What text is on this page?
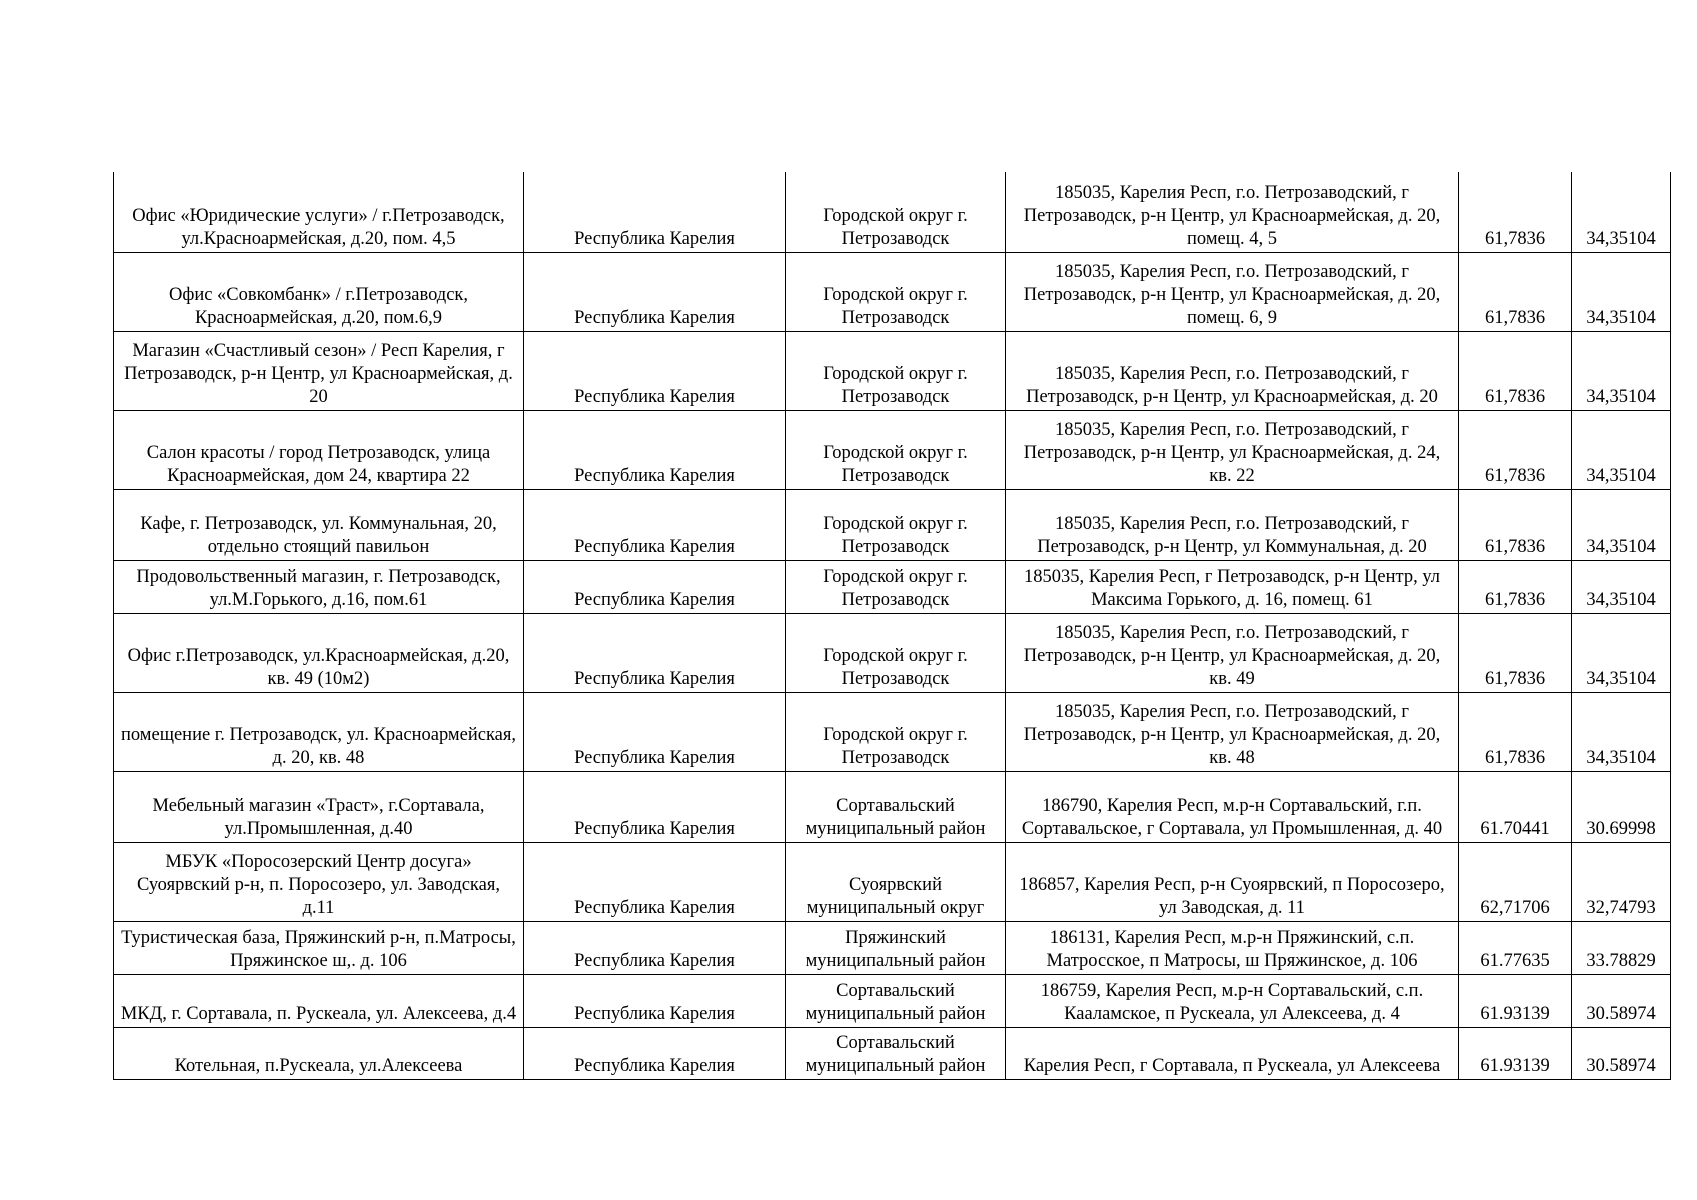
Офис «Юридические услуги» / г.Петрозаводск, ул.Красноармейская, д.20, пом. 4,5	Республика Карелия	Городской округ г. Петрозаводск	185035, Карелия Респ, г.о. Петрозаводский, г Петрозаводск, р-н Центр, ул Красноармейская, д. 20, помещ. 4, 5	61,7836	34,35104
Офис «Совкомбанк» / г.Петрозаводск, Красноармейская, д.20, пом.6,9	Республика Карелия	Городской округ г. Петрозаводск	185035, Карелия Респ, г.о. Петрозаводский, г Петрозаводск, р-н Центр, ул Красноармейская, д. 20, помещ. 6, 9	61,7836	34,35104
Магазин «Счастливый сезон» / Респ Карелия, г Петрозаводск, р-н Центр, ул Красноармейская, д. 20	Республика Карелия	Городской округ г. Петрозаводск	185035, Карелия Респ, г.о. Петрозаводский, г Петрозаводск, р-н Центр, ул Красноармейская, д. 20	61,7836	34,35104
Салон красоты / город Петрозаводск, улица Красноармейская, дом 24, квартира 22	Республика Карелия	Городской округ г. Петрозаводск	185035, Карелия Респ, г.о. Петрозаводский, г Петрозаводск, р-н Центр, ул Красноармейская, д. 24, кв. 22	61,7836	34,35104
Кафе, г. Петрозаводск, ул. Коммунальная, 20, отдельно стоящий павильон	Республика Карелия	Городской округ г. Петрозаводск	185035, Карелия Респ, г.о. Петрозаводский, г Петрозаводск, р-н Центр, ул Коммунальная, д. 20	61,7836	34,35104
Продовольственный магазин, г. Петрозаводск, ул.М.Горького, д.16, пом.61	Республика Карелия	Городской округ г. Петрозаводск	185035, Карелия Респ, г Петрозаводск, р-н Центр, ул Максима Горького, д. 16, помещ. 61	61,7836	34,35104
Офис г.Петрозаводск, ул.Красноармейская, д.20, кв. 49 (10м2)	Республика Карелия	Городской округ г. Петрозаводск	185035, Карелия Респ, г.о. Петрозаводский, г Петрозаводск, р-н Центр, ул Красноармейская, д. 20, кв. 49	61,7836	34,35104
помещение г. Петрозаводск, ул. Красноармейская, д. 20, кв. 48	Республика Карелия	Городской округ г. Петрозаводск	185035, Карелия Респ, г.о. Петрозаводский, г Петрозаводск, р-н Центр, ул Красноармейская, д. 20, кв. 48	61,7836	34,35104
Мебельный магазин «Траст», г.Сортавала, ул.Промышленная, д.40	Республика Карелия	Сортавальский муниципальный район	186790, Карелия Респ, м.р-н Сортавальский, г.п. Сортавальское, г Сортавала, ул Промышленная, д. 40	61.70441	30.69998
МБУК «Поросозерский Центр досуга» Суоярвский р-н, п. Поросозеро, ул. Заводская, д.11	Республика Карелия	Суоярвский муниципальный округ	186857, Карелия Респ, р-н Суоярвский, п Поросозеро, ул Заводская, д. 11	62,71706	32,74793
Туристическая база, Пряжинский р-н, п.Матросы, Пряжинское ш,. д. 106	Республика Карелия	Пряжинский муниципальный район	186131, Карелия Респ, м.р-н Пряжинский, с.п. Матросское, п Матросы, ш Пряжинское, д. 106	61.77635	33.78829
МКД, г. Сортавала, п. Рускеала, ул. Алексеева, д.4	Республика Карелия	Сортавальский муниципальный район	186759, Карелия Респ, м.р-н Сортавальский, с.п. Кааламское, п Рускеала, ул Алексеева, д. 4	61.93139	30.58974
Котельная, п.Рускеала, ул.Алексеева	Республика Карелия	Сортавальский муниципальный район	Карелия Респ, г Сортавала, п Рускеала, ул Алексеева	61.93139	30.58974
